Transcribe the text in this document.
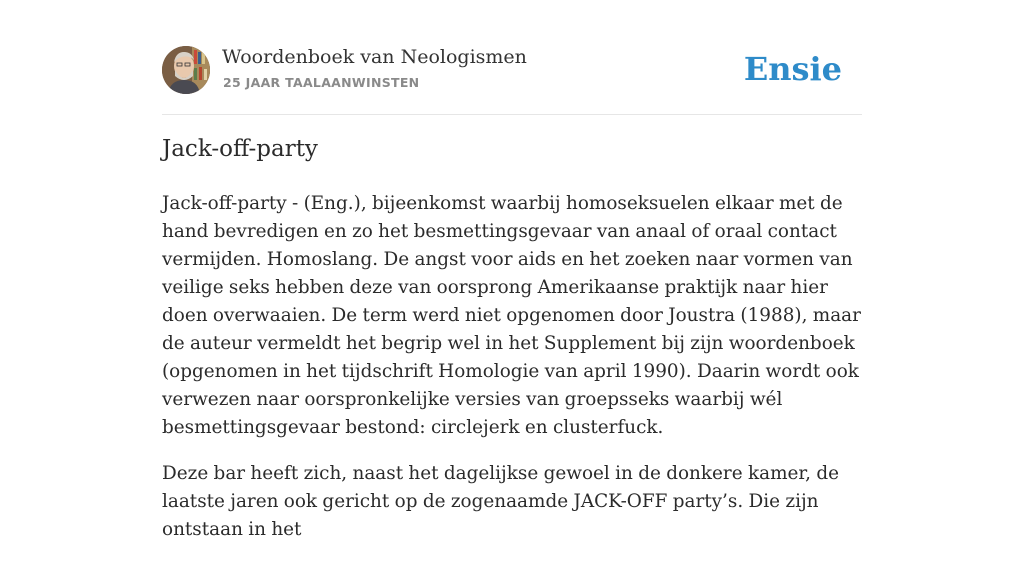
Woordenboek van Neologismen
25 JAAR TAALAANWINSTEN	Ensie
Jack-off-party

Jack-off-party - (Eng.), bijeenkomst waarbij homoseksuelen elkaar met de hand bevredigen en zo het besmettingsgevaar van anaal of oraal contact vermijden. Homoslang. De angst voor aids en het zoeken naar vormen van veilige seks hebben deze van oorsprong Amerikaanse praktijk naar hier doen overwaaien. De term werd niet opgenomen door Joustra (1988), maar de auteur vermeldt het begrip wel in het Supplement bij zijn woordenboek (opgenomen in het tijdschrift Homologie van april 1990). Daarin wordt ook verwezen naar oorspronkelijke versies van groepsseks waarbij wél besmettingsgevaar bestond: circlejerk en clusterfuck.

Deze bar heeft zich, naast het dagelijkse gewoel in de donkere kamer, de laatste jaren ook gericht op de zogenaamde JACK-OFF party’s. Die zijn ontstaan in het
